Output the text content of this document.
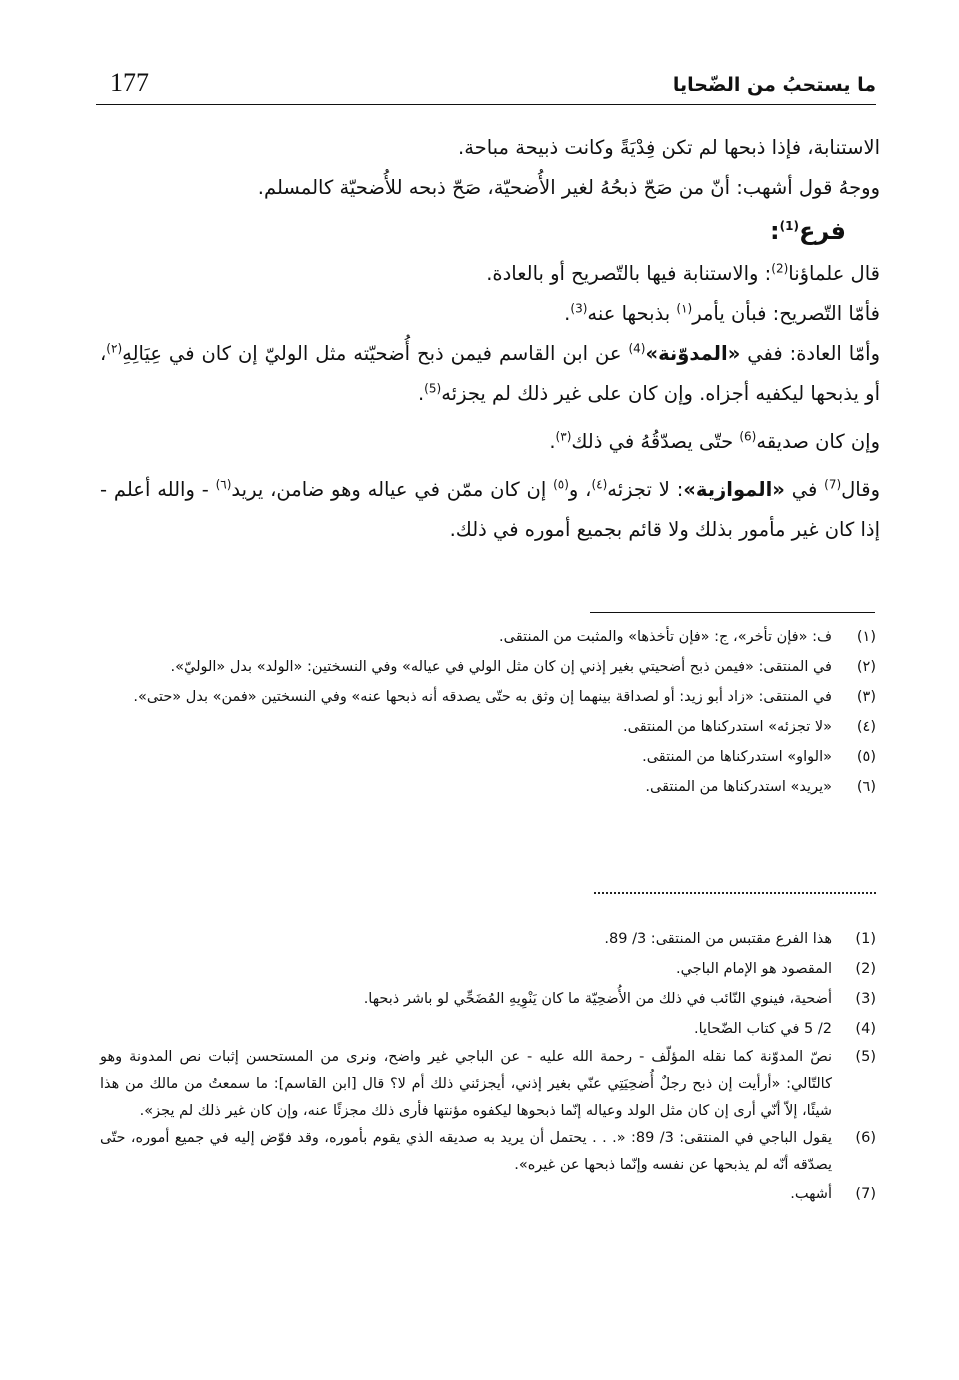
177	ما يستحبُ من الضّحايا

الاستنابة، فإذا ذبحها لم تكن فِدْيَةً وكانت ذبيحة مباحة.

ووجهُ قول أشهب: أنّ من صَحّ ذبحُهُ لغير الأُضحيّة، صَحّ ذبحه للأُضحيّة كالمسلم.

فرع$^{(1)}$:

قال علماؤنا$^{(2)}$: والاستنابة فيها بالتّصريح أو بالعادة.

فأمّا التّصريح: فبأن يأمر$^{(١)}$ بذبحها عنه$^{(3)}$.

وأمّا العادة: ففي «المدوّنة»$^{(4)}$ عن ابن القاسم فيمن ذبح أُضحيّته مثل الوليّ إن كان في عِيَالِهِ$^{(٢)}$، أو يذبحها ليكفيه أجزاه. وإن كان على غير ذلك لم يجزئه$^{(5)}$.

وإن كان صديقه$^{(6)}$ حتّى يصدّقُهُ في ذلك$^{(٣)}$.

وقال$^{(7)}$ في «الموازية»: لا تجزئه$^{(٤)}$، و$^{(٥)}$ إن كان ممّن في عياله وهو ضامن، يريد$^{(٦)}$ - والله أعلم - إذا كان غير مأمور بذلك ولا قائم بجميع أموره في ذلك.

(١)
ف: «فإن تأخر»، ج: «فإن تأخذها» والمثبت من المنتقى.
(٢)
في المنتقى: «فيمن ذبح أضحيتي بغير إذني إن كان مثل الولي في عياله» وفي النسختين: «الولد» بدل «الوليّ».
(٣)
في المنتقى: «زاد أبو زيد: أو لصداقة بينهما إن وثق به حتّى يصدقه أنه ذبحها عنه» وفي النسختين «فمن» بدل «حتى».
(٤)
«لا تجزئه» استدركناها من المنتقى.
(٥)
«الواو» استدركناها من المنتقى.
(٦)
«يريد» استدركناها من المنتقى.
(1)
هذا الفرع مقتبس من المنتقى: 3/ 89.
(2)
المقصود هو الإمام الباجي.
(3)
أضحية، فينوي النّائب في ذلك من الأُضحِيّة ما كان يَنْوِيهِ المُضَحِّي لو باشر ذبحها.
(4)
2/ 5 في كتاب الضّحايا.
(5)
نصّ المدوّنة كما نقله المؤلّف - رحمة الله عليه - عن الباجي غير واضح، ونرى من المستحسن إثبات نص المدونة وهو كالتّالي: «أرأيت إن ذبح رجلٌ أُضحِيَتِي عنّي بغير إذني، أيجزئني ذلك أم لا؟ قال [ابن القاسم]: ما سمعتُ من مالك من هذا شيئًا، إلاّ أنّي أرى إن كان مثل الولد وعياله إنّما ذبحوها ليكفوه مؤنتها فأرى ذلك مجزئًا عنه، وإن كان غير ذلك لم يجز».
(6)
يقول الباجي في المنتقى: 3/ 89: «. . . يحتمل أن يريد به صديقه الذي يقوم بأموره، وقد فوّض إليه في جميع أموره، حتّى يصدّقه أنّه لم يذبحها عن نفسه وإنّما ذبحها عن غيره».
(7)
أشهب.
